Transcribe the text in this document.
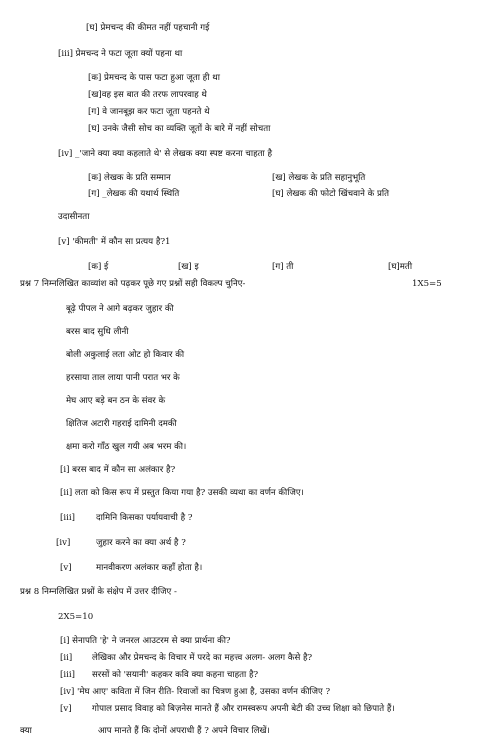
[घ] प्रेमचन्द की कीमत नहीं पहचानी गई
[iii] प्रेमचन्द ने फटा जूता क्यों पहना था
[क] प्रेमचन्द के पास फटा हुआ जूता ही था
[ख]वह इस बात की तरफ लापरवाह थे
[ग] वे जानबूझ कर फटा जूता पहनते थे
[घ] उनके जैसी सोच का व्यक्ति जूतों के बारे में नहीं सोचता
[iv] _'जाने क्या क्या कहलाते थे' से लेखक क्या स्पष्ट करना चाहता है
[क] लेखक के प्रति सम्मान	[ख] लेखक के प्रति सहानुभूति
[ग] _लेखक की यथार्थ स्थिति	[घ] लेखक की फोटो खिंचवाने के प्रति
उदासीनता
[v] 'कीमती' में कौन सा प्रत्यय है?1
[क] ई	[ख] इ	[ग] ती	[घ]मती
प्रश्न 7 निम्नलिखित काव्यांश को पढ़कर पूछे गए प्रश्नों सही विकल्प चुनिए-	1X5=5
बूढ़े पीपल ने आगे बढ़कर जुहार की
बरस बाद सुधि लीनी
बोली अकुलाई लता ओट हो किवार की
हरसाया ताल लाया पानी परात भर के
मेघ आए बड़े बन ठन के संवर के
क्षितिज अटारी गहराई दामिनी दमकी
क्षमा करो गाँठ खुल गयी अब भरम की।
[i] बरस बाद में कौन सा अलंकार है?
[ii] लता को किस रूप में प्रस्तुत किया गया है? उसकी व्यथा का वर्णन कीजिए।
[iii] दामिनि किसका पर्यायवाची है ?
[iv]	जुहार करने का क्या अर्थ है ?
[v]	मानवीकरण अलंकार कहाँ होता है।
प्रश्न 8 निम्नलिखित प्रश्नों के संक्षेप में उत्तर दीजिए -
2X5=10
[i] सेनापति 'हे' ने जनरल आउटरम से क्या प्रार्थना की?
[ii] लेखिका और प्रेमचन्द के विचार में परदे का महत्त्व अलग- अलग कैसे है?
[iii] सरसों को 'सयानी' कहकर कवि क्या कहना चाहता है?
[iv] 'मेघ आए' कविता में जिन रीति- रिवाजों का चित्रण हुआ है, उसका वर्णन कीजिए ?
[v] गोपाल प्रसाद विवाह को बिज़नेस मानते हैं और रामस्वरूप अपनी बेटी की उच्च शिक्षा को छिपाते हैं।
क्या	आप मानते हैं कि दोनों अपराधी हैं ? अपने विचार लिखें।
